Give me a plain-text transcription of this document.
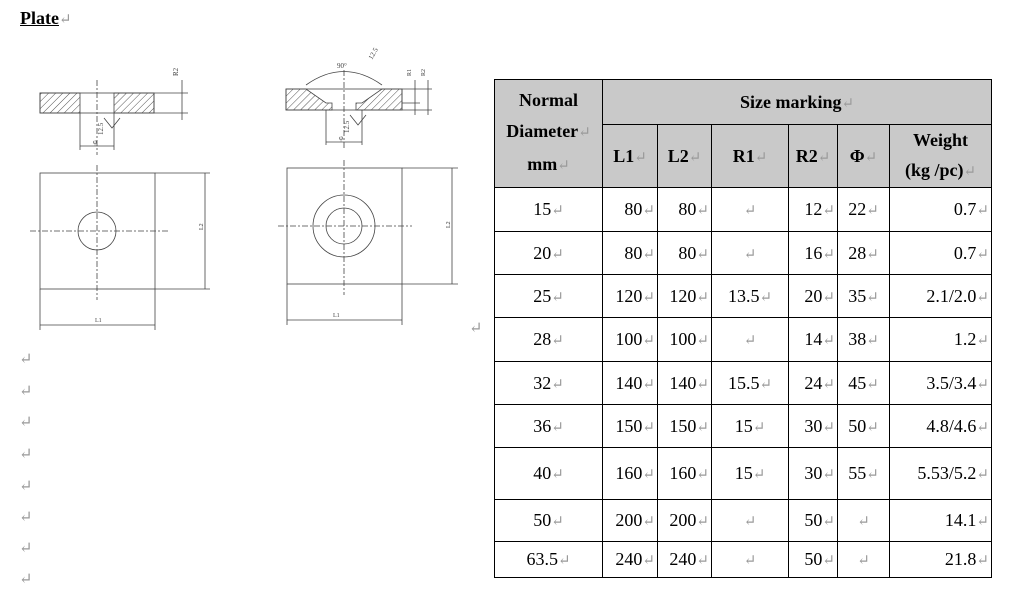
Plate↵
R2
12.5
φ
L2
L1
90°
12.5
R1 R2
12.5
φ
L2
L1
↵
↵
↵
↵
↵
↵
↵
↵
↵
Normal
Diameter↵
mm↵	Size marking↵					
	L1↵	L2↵	R1↵	R2↵	Φ↵	Weight
(kg /pc)↵
15↵	80↵	80↵	↵	12↵	22↵	0.7↵
20↵	80↵	80↵	↵	16↵	28↵	0.7↵
25↵	120↵	120↵	13.5↵	20↵	35↵	2.1/2.0↵
28↵	100↵	100↵	↵	14↵	38↵	1.2↵
32↵	140↵	140↵	15.5↵	24↵	45↵	3.5/3.4↵
36↵	150↵	150↵	15↵	30↵	50↵	4.8/4.6↵
40↵	160↵	160↵	15↵	30↵	55↵	5.53/5.2↵
50↵	200↵	200↵	↵	50↵	↵	14.1↵
63.5↵	240↵	240↵	↵	50↵	↵	21.8↵
